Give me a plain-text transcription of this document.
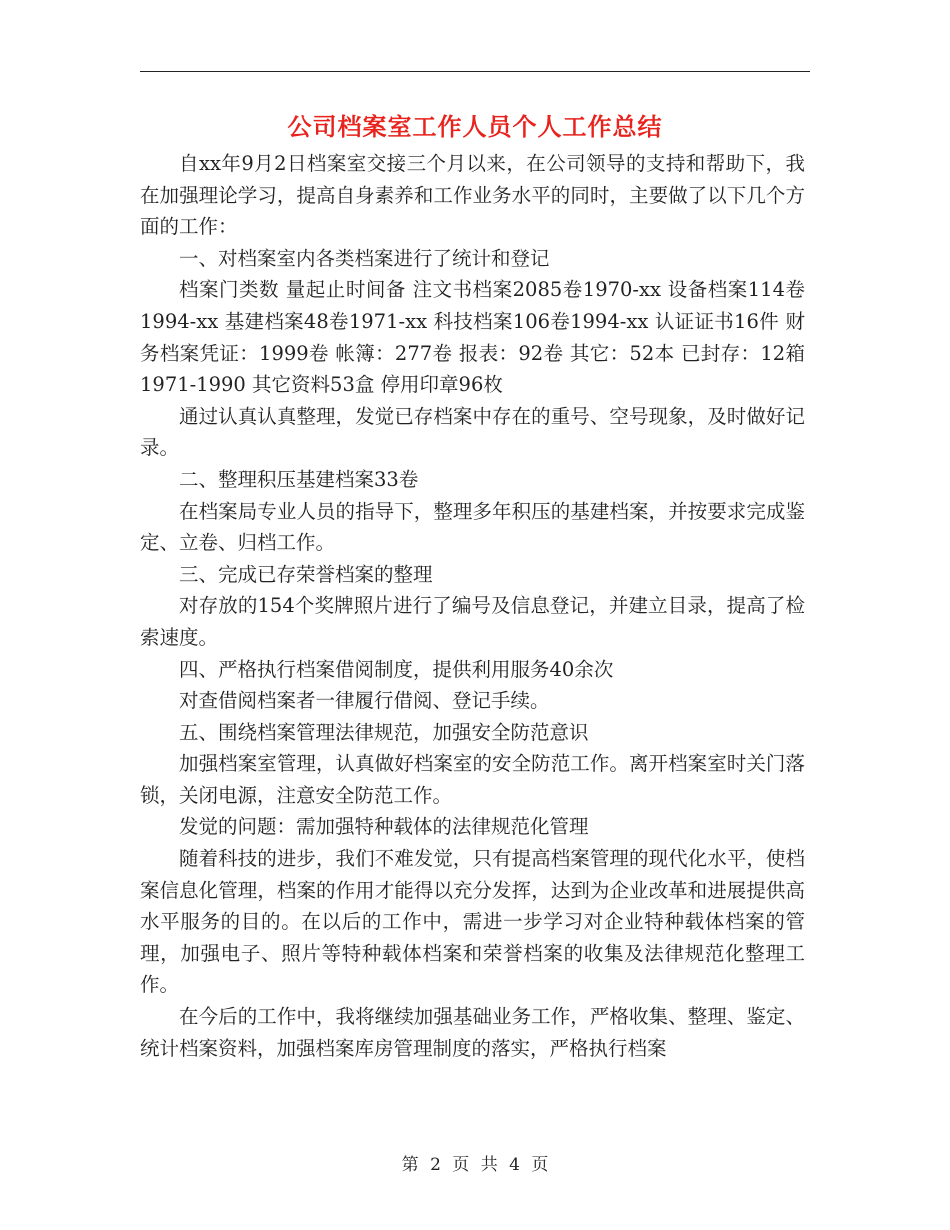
公司档案室工作人员个人工作总结

自xx年9月2日档案室交接三个月以来，在公司领导的支持和帮助下，我在加强理论学习，提高自身素养和工作业务水平的同时，主要做了以下几个方面的工作：

一、对档案室内各类档案进行了统计和登记

档案门类数 量起止时间备 注文书档案2085卷1970-xx 设备档案114卷1994-xx 基建档案48卷1971-xx 科技档案106卷1994-xx 认证证书16件 财务档案凭证：1999卷 帐簿：277卷 报表：92卷 其它：52本 已封存：12箱1971-1990 其它资料53盒 停用印章96枚

通过认真认真整理，发觉已存档案中存在的重号、空号现象，及时做好记录。

二、整理积压基建档案33卷

在档案局专业人员的指导下，整理多年积压的基建档案，并按要求完成鉴定、立卷、归档工作。

三、完成已存荣誉档案的整理

对存放的154个奖牌照片进行了编号及信息登记，并建立目录，提高了检索速度。

四、严格执行档案借阅制度，提供利用服务40余次

对查借阅档案者一律履行借阅、登记手续。

五、围绕档案管理法律规范，加强安全防范意识

加强档案室管理，认真做好档案室的安全防范工作。离开档案室时关门落锁，关闭电源，注意安全防范工作。

发觉的问题：需加强特种载体的法律规范化管理

随着科技的进步，我们不难发觉，只有提高档案管理的现代化水平，使档案信息化管理，档案的作用才能得以充分发挥，达到为企业改革和进展提供高水平服务的目的。在以后的工作中，需进一步学习对企业特种载体档案的管理，加强电子、照片等特种载体档案和荣誉档案的收集及法律规范化整理工作。

在今后的工作中，我将继续加强基础业务工作，严格收集、整理、鉴定、统计档案资料，加强档案库房管理制度的落实，严格执行档案

第 2 页 共 4 页
